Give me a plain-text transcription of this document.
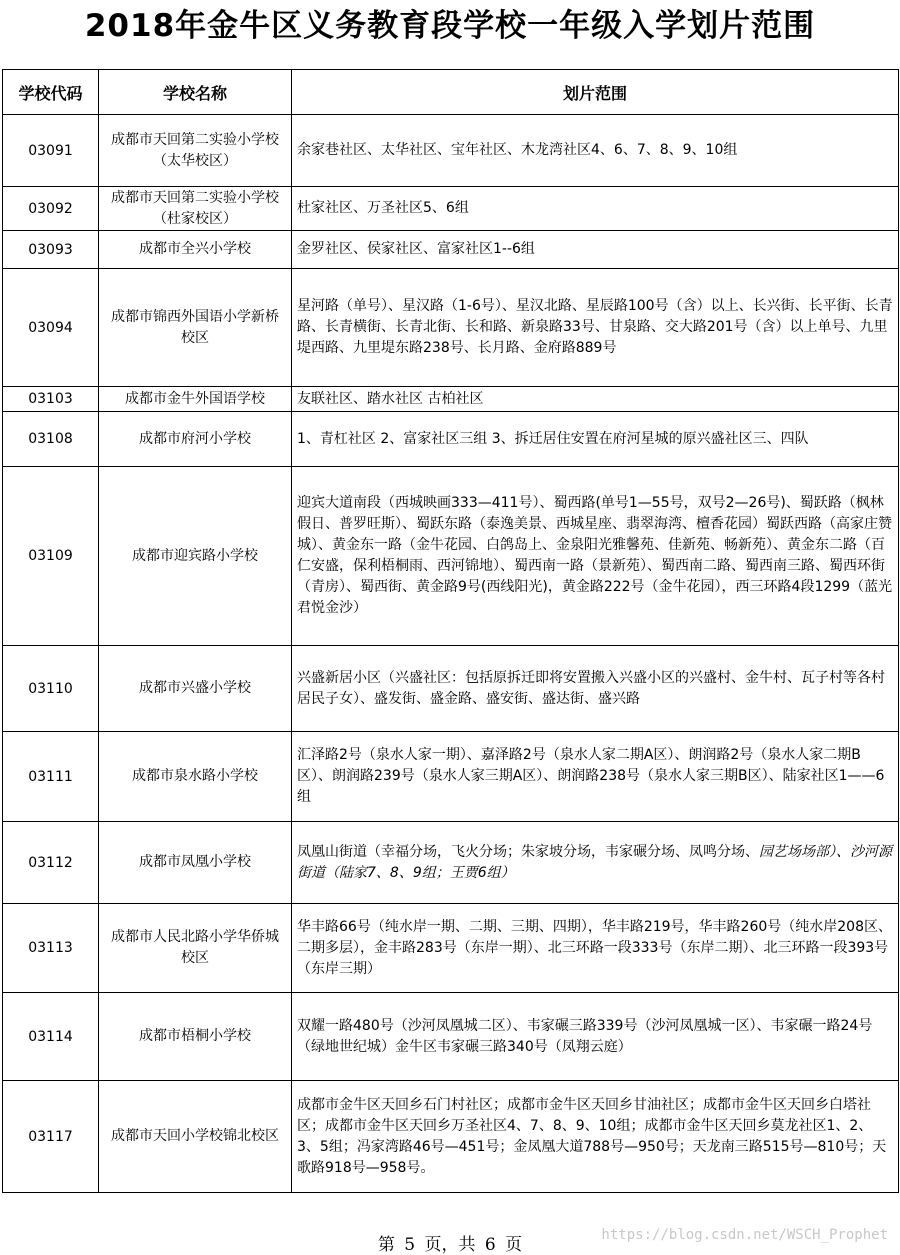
2018年金牛区义务教育段学校一年级入学划片范围
学校代码	学校名称	划片范围
03091	成都市天回第二实验小学校（太华校区）	余家巷社区、太华社区、宝年社区、木龙湾社区4、6、7、8、9、10组
03092	成都市天回第二实验小学校（杜家校区）	杜家社区、万圣社区5、6组
03093	成都市全兴小学校	金罗社区、侯家社区、富家社区1--6组
03094	成都市锦西外国语小学新桥校区	星河路（单号）、星汉路（1-6号）、星汉北路、星辰路100号（含）以上、长兴街、长平街、长青路、长青横街、长青北街、长和路、新泉路33号、甘泉路、交大路201号（含）以上单号、九里堤西路、九里堤东路238号、长月路、金府路889号
03103	成都市金牛外国语学校	友联社区、踏水社区 古柏社区
03108	成都市府河小学校	1、青杠社区 2、富家社区三组 3、拆迁居住安置在府河星城的原兴盛社区三、四队
03109	成都市迎宾路小学校	迎宾大道南段（西城映画333—411号）、蜀西路(单号1—55号，双号2—26号)、蜀跃路（枫林假日、普罗旺斯）、蜀跃东路（泰逸美景、西城星座、翡翠海湾、檀香花园）蜀跃西路（高家庄赞城）、黄金东一路（金牛花园、白鸽岛上、金泉阳光雅馨苑、佳新苑、畅新苑）、黄金东二路（百仁安盛，保利梧桐雨、西河锦地）、蜀西南一路（景新苑）、蜀西南二路、蜀西南三路、蜀西环街（青房）、蜀西街、黄金路9号(西线阳光)，黄金路222号（金牛花园），西三环路4段1299（蓝光君悦金沙）
03110	成都市兴盛小学校	兴盛新居小区（兴盛社区：包括原拆迁即将安置搬入兴盛小区的兴盛村、金牛村、瓦子村等各村居民子女）、盛发街、盛金路、盛安街、盛达街、盛兴路
03111	成都市泉水路小学校	汇泽路2号（泉水人家一期）、嘉泽路2号（泉水人家二期A区）、朗润路2号（泉水人家二期B区）、朗润路239号（泉水人家三期A区）、朗润路238号（泉水人家三期B区）、陆家社区1——6组
03112	成都市凤凰小学校	凤凰山街道（幸福分场，飞火分场；朱家坡分场，韦家碾分场、凤鸣分场、园艺场场部）、沙河源街道（陆家7、8、9组；王贾6组）
03113	成都市人民北路小学华侨城校区	华丰路66号（纯水岸一期、二期、三期、四期），华丰路219号，华丰路260号（纯水岸208区、二期多层），金丰路283号（东岸一期）、北三环路一段333号（东岸二期）、北三环路一段393号（东岸三期）
03114	成都市梧桐小学校	双耀一路480号（沙河凤凰城二区）、韦家碾三路339号（沙河凤凰城一区）、韦家碾一路24号（绿地世纪城）金牛区韦家碾三路340号（凤翔云庭）
03117	成都市天回小学校锦北校区	成都市金牛区天回乡石门村社区；成都市金牛区天回乡甘油社区；成都市金牛区天回乡白塔社区；成都市金牛区天回乡万圣社区4、7、8、9、10组；成都市金牛区天回乡莫龙社区1、2、3、5组；冯家湾路46号—451号；金凤凰大道788号—950号；天龙南三路515号—810号；天歌路918号—958号。
第 5 页，共 6 页	https://blog.csdn.net/WSCH_Prophet
